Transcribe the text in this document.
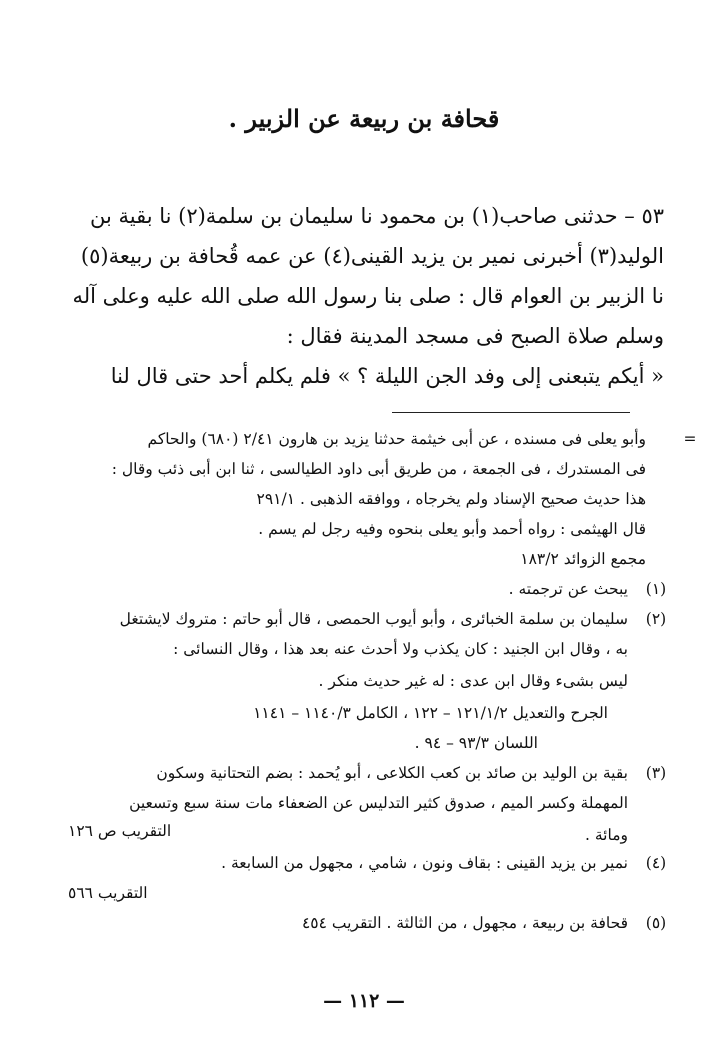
قحافة بن ربيعة عن الزبير .
٥٣ – حدثنى صاحب(١) بن محمود نا سليمان بن سلمة(٢) نا بقية بن
الوليد(٣) أخبرنى نمير بن يزيد القينى(٤) عن عمه قُحافة بن ربيعة(٥)
نا الزبير بن العوام قال : صلى بنا رسول الله صلى الله عليه وعلى آله
وسلم صلاة الصبح فى مسجد المدينة فقال :
« أيكم يتبعنى إلى وفد الجن الليلة ؟ » فلم يكلم أحد حتى قال لنا
=
وأبو يعلى فى مسنده ، عن أبى خيثمة حدثنا يزيد بن هارون ٢/٤١ (٦٨٠) والحاكم
فى المستدرك ، فى الجمعة ، من طريق أبى داود الطيالسى ، ثنا ابن أبى ذئب وقال :
هذا حديث صحيح الإسناد ولم يخرجاه ، ووافقه الذهبى . ٢٩١/١
قال الهيثمى : رواه أحمد وأبو يعلى بنحوه وفيه رجل لم يسم .
مجمع الزوائد ١٨٣/٢
(١)
يبحث عن ترجمته .
(٢)
سليمان بن سلمة الخبائرى ، وأبو أيوب الحمصى ، قال أبو حاتم : متروك لايشتغل
به ، وقال ابن الجنيد : كان يكذب ولا أحدث عنه بعد هذا ، وقال النسائى :
ليس بشىء وقال ابن عدى : له غير حديث منكر .
الجرح والتعديل ١٢١/١/٢ – ١٢٢ ، الكامل ١١٤٠/٣ – ١١٤١
اللسان ٩٣/٣ – ٩٤ .
(٣)
بقية بن الوليد بن صائد بن كعب الكلاعى ، أبو يُحمد : بضم التحتانية وسكون
المهملة وكسر الميم ، صدوق كثير التدليس عن الضعفاء مات سنة سبع وتسعين
ومائة .
التقريب ص ١٢٦
(٤)
نمير بن يزيد القينى : بقاف ونون ، شامي ، مجهول من السابعة .
التقريب ٥٦٦
(٥)
قحافة بن ربيعة ، مجهول ، من الثالثة . التقريب ٤٥٤
— ١١٢ —
